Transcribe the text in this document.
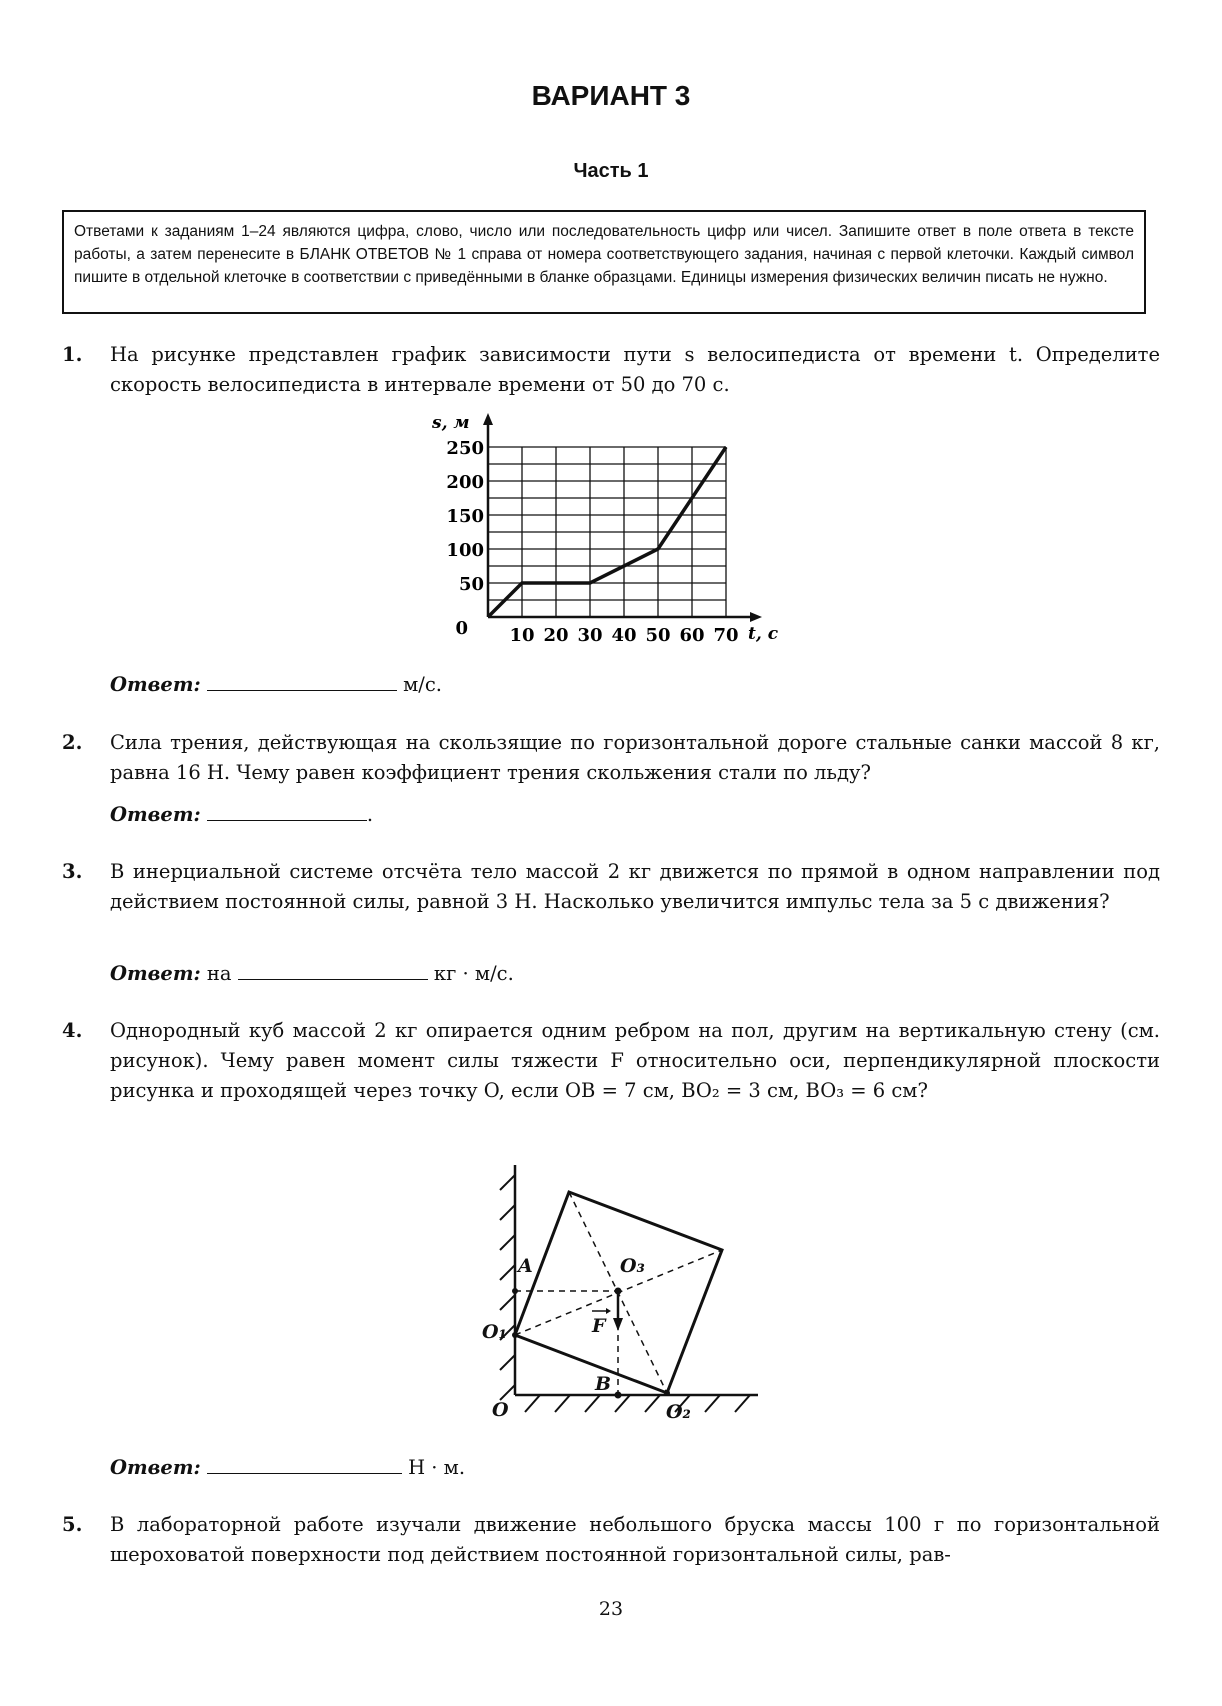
ВАРИАНТ 3
Часть 1
Ответами к заданиям 1–24 являются цифра, слово, число или последовательность цифр или чисел. Запишите ответ в поле ответа в тексте работы, а затем перенесите в БЛАНК ОТВЕТОВ № 1 справа от номера соответствующего задания, начиная с первой клеточки. Каждый символ пишите в отдельной клеточке в соответствии с приведёнными в бланке образцами. Единицы измерения физических величин писать не нужно.
1. На рисунке представлен график зависимости пути s велосипедиста от времени t. Определите скорость велосипедиста в интервале времени от 50 до 70 с.
10 20 30 40 50 60 70
50
100
150
200
250
s, м
t, с
0
Ответ:	м/с.
2. Сила трения, действующая на скользящие по горизонтальной дороге стальные санки массой 8 кг, равна 16 Н. Чему равен коэффициент трения скольжения стали по льду?
Ответ:	.
3. В инерциальной системе отсчёта тело массой 2 кг движется по прямой в одном направлении под действием постоянной силы, равной 3 Н. Насколько увеличится импульс тела за 5 с движения?
Ответ: на	кг · м/с.
4. Однородный куб массой 2 кг опирается одним ребром на пол, другим на вертикальную стену (см. рисунок). Чему равен момент силы тяжести F относительно оси, перпендикулярной плоскости рисунка и проходящей через точку O, если OB = 7 см, BO₂ = 3 см, BO₃ = 6 см?
A	O₃
O₁	F
B
O	O₂
Ответ:	Н · м.
5. В лабораторной работе изучали движение небольшого бруска массы 100 г по горизонтальной шероховатой поверхности под действием постоянной горизонтальной силы, рав-
23
